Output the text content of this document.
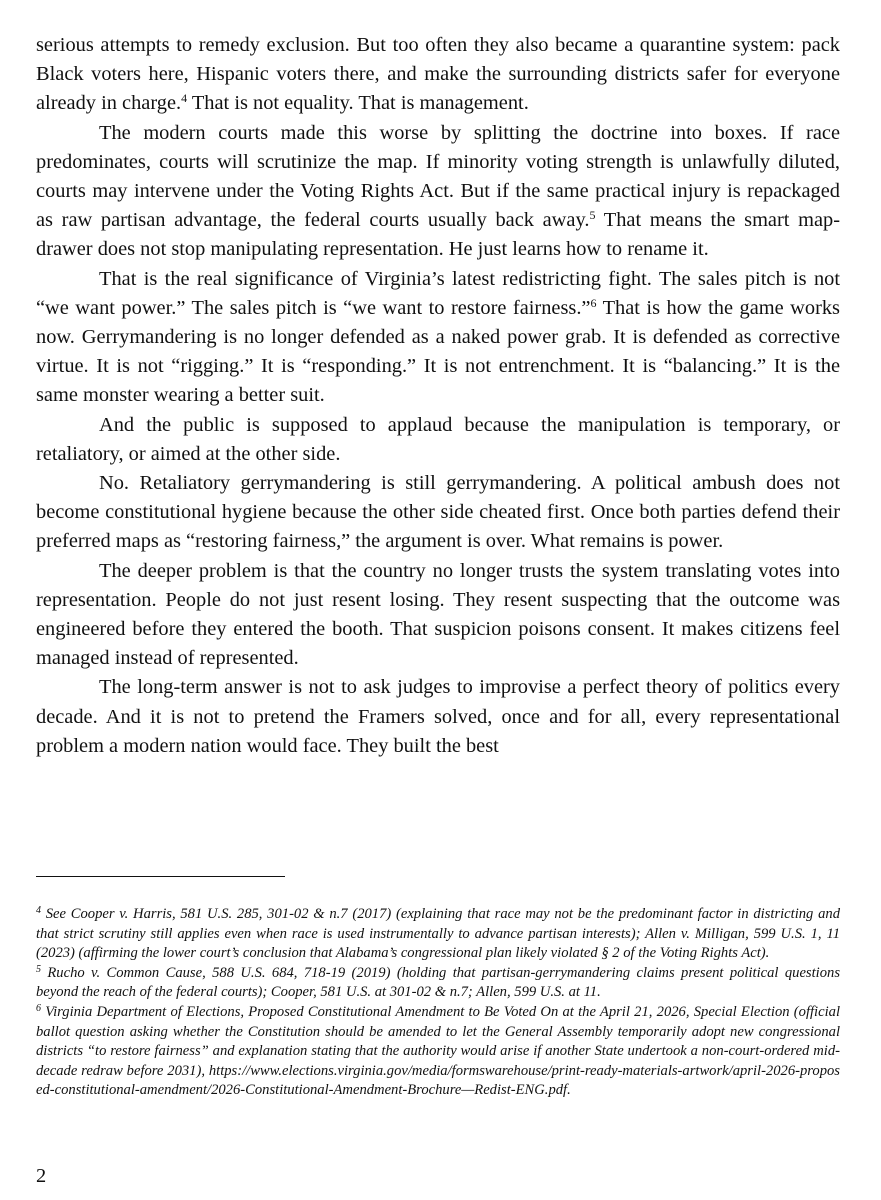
serious attempts to remedy exclusion. But too often they also became a quarantine system: pack Black voters here, Hispanic voters there, and make the surrounding districts safer for everyone already in charge.$^4$ That is not equality. That is management.

The modern courts made this worse by splitting the doctrine into boxes. If race predominates, courts will scrutinize the map. If minority voting strength is unlawfully diluted, courts may intervene under the Voting Rights Act. But if the same practical injury is repackaged as raw partisan advantage, the federal courts usually back away.$^5$ That means the smart map-drawer does not stop manipulating representation. He just learns how to rename it.

That is the real significance of Virginia’s latest redistricting fight. The sales pitch is not “we want power.” The sales pitch is “we want to restore fairness.”$^6$ That is how the game works now. Gerrymandering is no longer defended as a naked power grab. It is defended as corrective virtue. It is not “rigging.” It is “responding.” It is not entrenchment. It is “balancing.” It is the same monster wearing a better suit.

And the public is supposed to applaud because the manipulation is temporary, or retaliatory, or aimed at the other side.

No. Retaliatory gerrymandering is still gerrymandering. A political ambush does not become constitutional hygiene because the other side cheated first. Once both parties defend their preferred maps as “restoring fairness,” the argument is over. What remains is power.

The deeper problem is that the country no longer trusts the system translating votes into representation. People do not just resent losing. They resent suspecting that the outcome was engineered before they entered the booth. That suspicion poisons consent. It makes citizens feel managed instead of represented.

The long-term answer is not to ask judges to improvise a perfect theory of politics every decade. And it is not to pretend the Framers solved, once and for all, every representational problem a modern nation would face. They built the best

$^4$ See Cooper v. Harris, 581 U.S. 285, 301-02 & n.7 (2017) (explaining that race may not be the predominant factor in districting and that strict scrutiny still applies even when race is used instrumentally to advance partisan interests); Allen v. Milligan, 599 U.S. 1, 11 (2023) (affirming the lower court’s conclusion that Alabama’s congressional plan likely violated § 2 of the Voting Rights Act).

$^5$ Rucho v. Common Cause, 588 U.S. 684, 718-19 (2019) (holding that partisan-gerrymandering claims present political questions beyond the reach of the federal courts); Cooper, 581 U.S. at 301-02 & n.7; Allen, 599 U.S. at 11.

$^6$ Virginia Department of Elections, Proposed Constitutional Amendment to Be Voted On at the April 21, 2026, Special Election (official ballot question asking whether the Constitution should be amended to let the General Assembly temporarily adopt new congressional districts “to restore fairness” and explanation stating that the authority would arise if another State undertook a non-court-ordered mid-decade redraw before 2031), https://www.elections.virginia.gov/media/formswarehouse/print-ready-materials-artwork/april-2026-proposed-constitutional-amendment/2026-Constitutional-Amendment-Brochure—Redist-ENG.pdf.

2
